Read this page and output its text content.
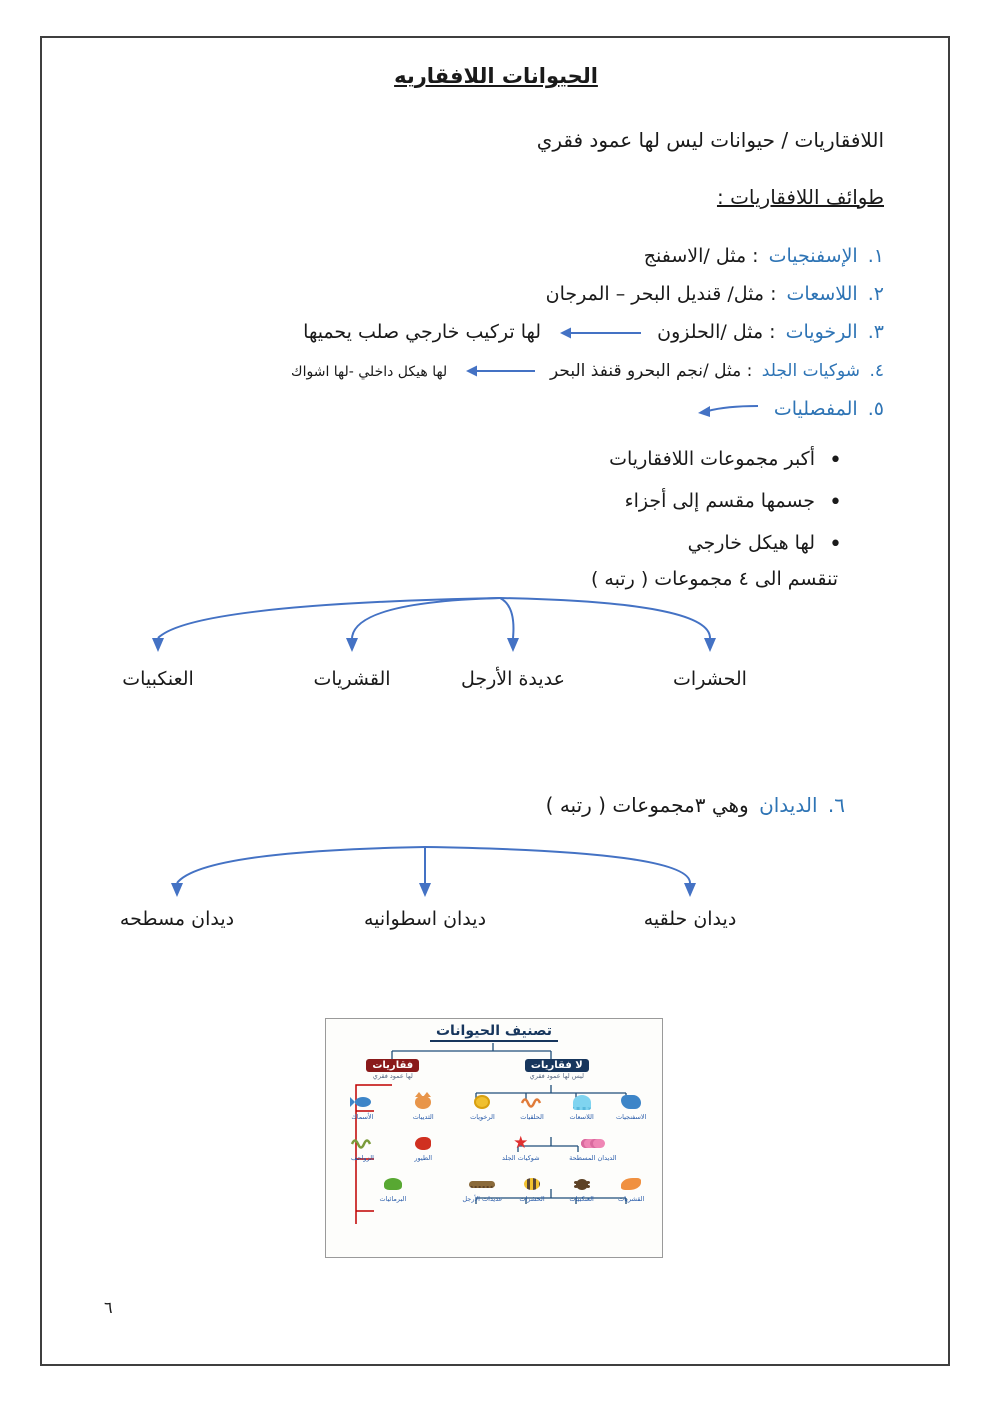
الحيوانات اللافقاريه
اللافقاريات / حيوانات ليس لها عمود فقري
طوائف اللافقاريات :
١. الإسفنجيات : مثل /الاسفنج
٢. اللاسعات : مثل/ قنديل البحر – المرجان
٣. الرخويات : مثل /الحلزون  لها تركيب خارجي صلب يحميها
٤. شوكيات الجلد : مثل /نجم البحرو قنفذ البحر  لها هيكل داخلي -لها اشواك
٥. المفصليات
•أكبر مجموعات اللافقاريات
•جسمها مقسم إلى أجزاء
•لها هيكل خارجي
تنقسم الى ٤ مجموعات ( رتبه )
الحشرات
عديدة الأرجل
القشريات
العنكبيات
٦. الديدان وهي ٣مجموعات ( رتبه )
ديدان حلقيه
ديدان اسطوانيه
ديدان مسطحه
تصنيف الحيوانات
لا فقاريات
ليس لها عمود فقري
الاسفنجيات
اللاسعات
الحلقيات
الرخويات
الديدان المسطحة
★
شوكيات الجلد
القشريات
العنكبيات
الحشرات
عديدات الأرجل
فقاريات
لها عمود فقري
الثدييات
الأسماك
الطيور
الزواحف
البرمائيات
٦
